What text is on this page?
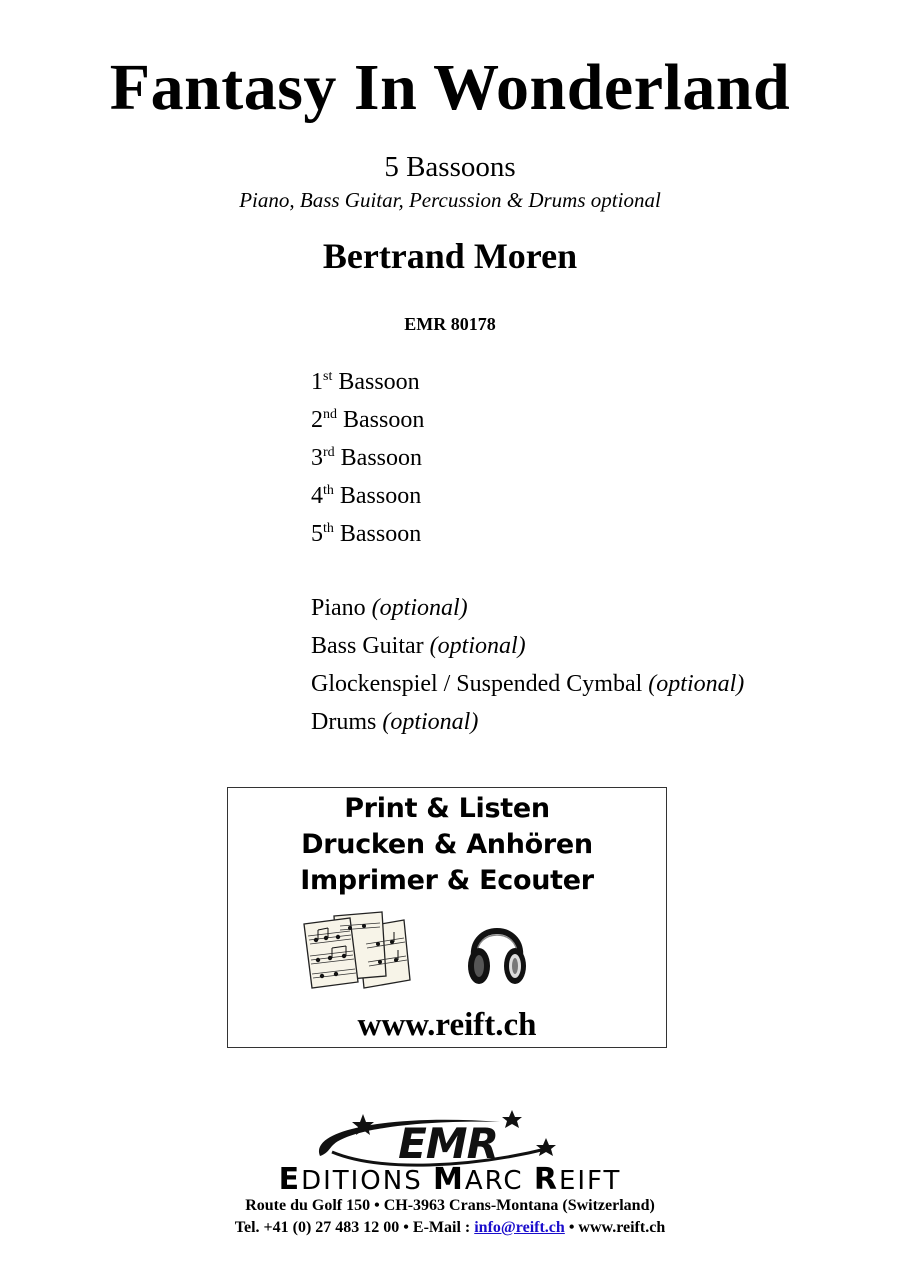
Fantasy In Wonderland
5 Bassoons
Piano, Bass Guitar, Percussion & Drums optional
Bertrand Moren
EMR 80178
1st Bassoon
2nd Bassoon
3rd Bassoon
4th Bassoon
5th Bassoon
Piano (optional)
Bass Guitar (optional)
Glockenspiel / Suspended Cymbal (optional)
Drums (optional)
Print & Listen
Drucken & Anhören
Imprimer & Ecouter
www.reift.ch
EMR
EDITIONS MARC REIFT
Route du Golf 150 • CH-3963 Crans-Montana (Switzerland)
Tel. +41 (0) 27 483 12 00 • E-Mail : info@reift.ch • www.reift.ch
